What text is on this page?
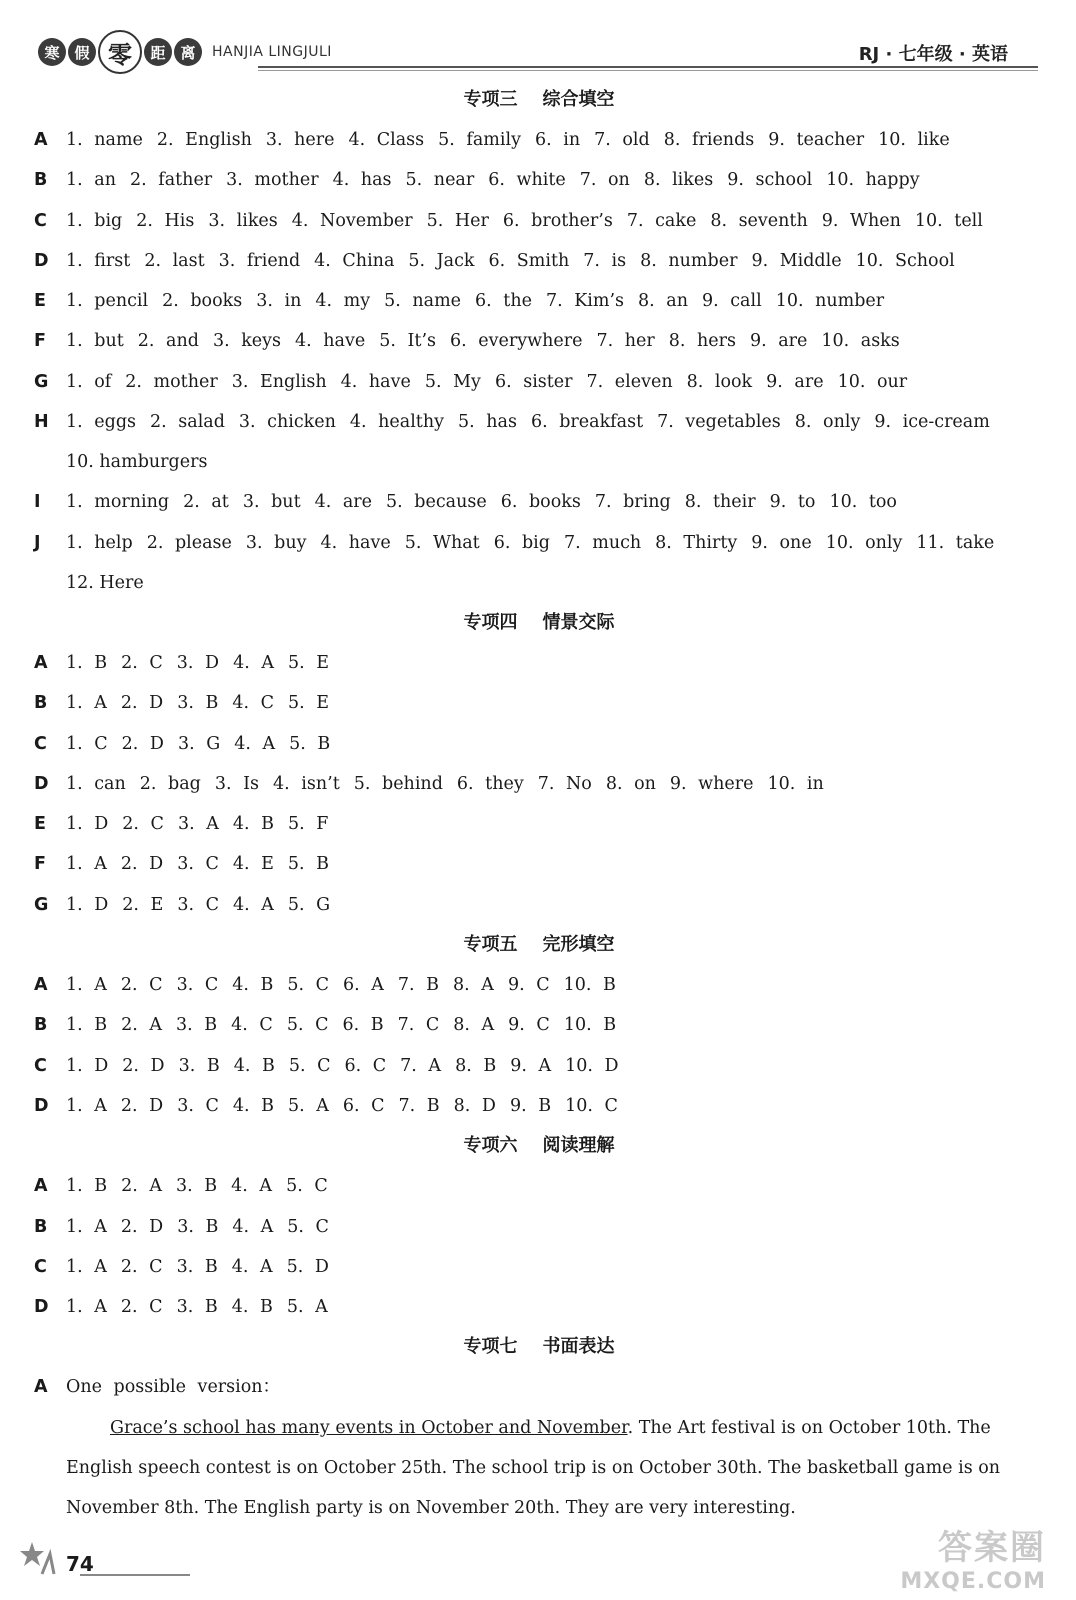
寒 假 零	距 离	HANJIA LINGJULI	RJ · 七年级 · 英语
专项三    综合填空
A	1. name 2. English 3. here 4. Class 5. family 6. in 7. old 8. friends 9. teacher 10. like
B	1. an 2. father 3. mother 4. has 5. near 6. white 7. on 8. likes 9. school 10. happy
C	1. big 2. His 3. likes 4. November 5. Her 6. brother’s 7. cake 8. seventh 9. When 10. tell
D 1. first 2. last 3. friend 4. China 5. Jack 6. Smith 7. is 8. number 9. Middle 10. School
E	1. pencil 2. books 3. in 4. my 5. name 6. the 7. Kim’s 8. an 9. call 10. number
F	1. but 2. and 3. keys 4. have 5. It’s 6. everywhere 7. her 8. hers 9. are 10. asks
G	1. of 2. mother 3. English 4. have 5. My 6. sister 7. eleven 8. look 9. are 10. our
H 1. eggs 2. salad 3. chicken 4. healthy 5. has 6. breakfast 7. vegetables 8. only 9. ice-cream
10. hamburgers
I	1. morning 2. at 3. but 4. are 5. because 6. books 7. bring 8. their 9. to 10. too
J	1. help 2. please 3. buy 4. have 5. What 6. big 7. much 8. Thirty 9. one 10. only 11. take
12. Here
专项四    情景交际
A	1. B 2. C 3. D 4. A 5. E
B	1. A 2. D 3. B 4. C 5. E
C	1. C 2. D 3. G 4. A 5. B
D 1. can 2. bag 3. Is 4. isn’t 5. behind 6. they 7. No 8. on 9. where 10. in
E	1. D 2. C 3. A 4. B 5. F
F	1. A 2. D 3. C 4. E 5. B
G	1. D 2. E 3. C 4. A 5. G
专项五    完形填空
A	1. A 2. C 3. C 4. B 5. C 6. A 7. B 8. A 9. C 10. B
B	1. B 2. A 3. B 4. C 5. C 6. B 7. C 8. A 9. C 10. B
C	1. D 2. D 3. B 4. B 5. C 6. C 7. A 8. B 9. A 10. D
D 1. A 2. D 3. C 4. B 5. A 6. C 7. B 8. D 9. B 10. C
专项六    阅读理解
A	1. B 2. A 3. B 4. A 5. C
B	1. A 2. D 3. B 4. A 5. C
C	1. A 2. C 3. B 4. A 5. D
D 1. A 2. C 3. B 4. B 5. A
专项七    书面表达
A	One possible version：

Grace’s school has many events in October and November. The Art festival is on October 10th. The English speech contest is on October 25th. The school trip is on October 30th. The basketball game is on November 8th. The English party is on November 20th. They are very interesting.

74	答案圈
MXQE.COM
